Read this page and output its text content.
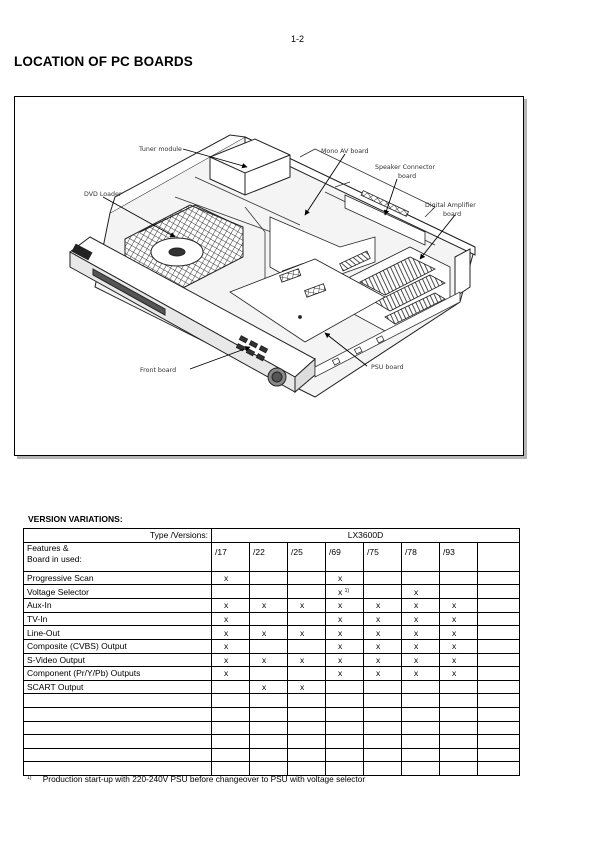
1-2
LOCATION OF PC BOARDS
Tuner module	Mono AV board
Speaker Connector
board
DVD Loader
Digital Amplifier
board
Front board	PSU board
VERSION VARIATIONS:
Type /Versions:	LX3600D							
Features &
Board in used:	/17	/22	/25	/69	/75	/78	/93	
Progressive Scan	x			x				
Voltage Selector				x $^{1)}$		x		
Aux-In	x	x	x	x	x	x	x	
TV-In	x			x	x	x	x	
Line-Out	x	x	x	x	x	x	x	
Composite (CVBS) Output	x			x	x	x	x	
S-Video Output	x	x	x	x	x	x	x	
Component (Pr/Y/Pb) Outputs	x			x	x	x	x	
SCART Output		x	x					

$^{1)}$ Production start-up with 220-240V PSU before changeover to PSU with voltage selector
